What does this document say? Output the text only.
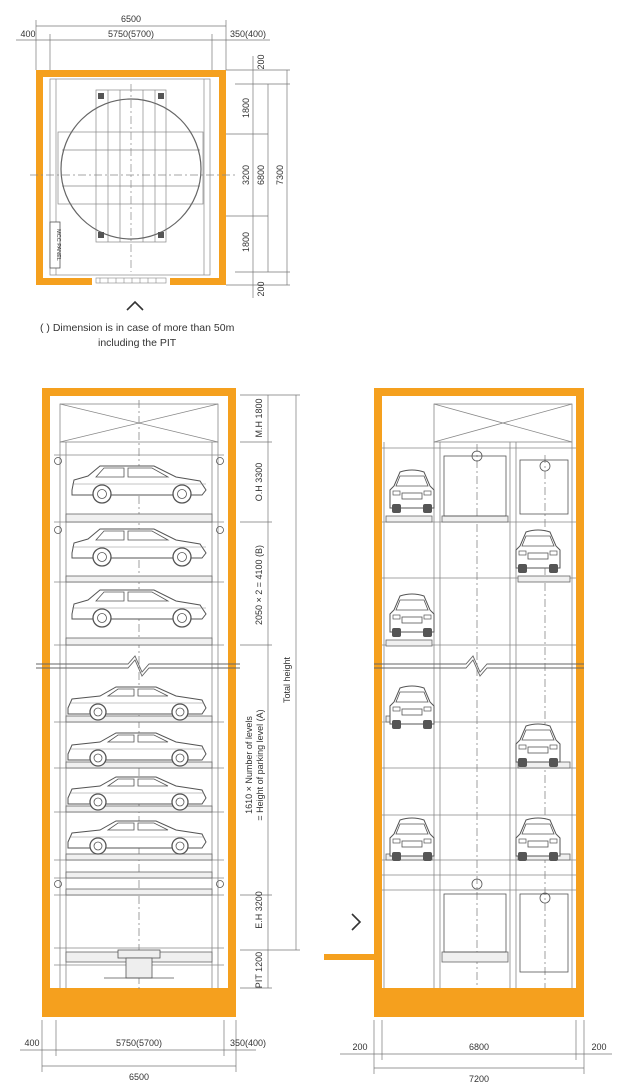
6500
400	5750(5700)	350(400)
MCC PANEL
200
1800
3200
1800
200
6800 7300
( ) Dimension is in case of more than 50m
including the PIT
M.H 1800
O.H 3300
2050 × 2 = 4100 (B)
1610 × Number of levels = Height of parking level (A)
E.H 3200
PIT 1200
Total height
400	5750(5700)	350(400)
6500
200	6800	200
7200
